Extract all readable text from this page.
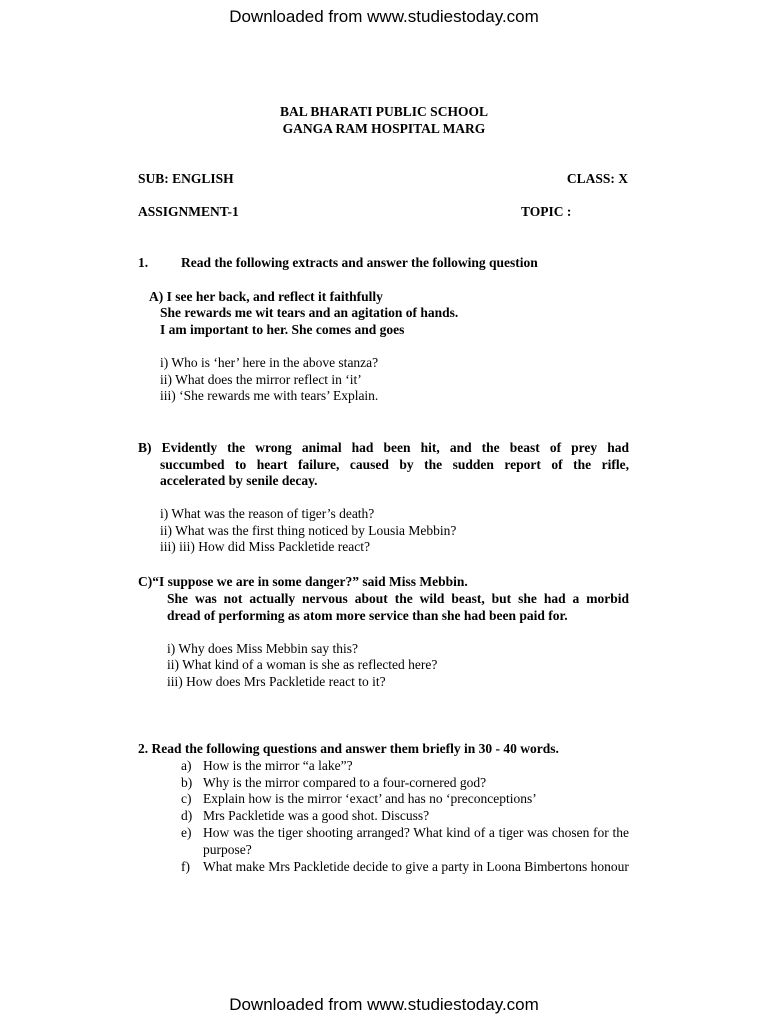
Downloaded from www.studiestoday.com
BAL BHARATI PUBLIC SCHOOL
GANGA RAM HOSPITAL MARG
SUB: ENGLISH	CLASS: X
ASSIGNMENT-1	TOPIC :
1. Read the following extracts and answer the following question
A) I see her back, and reflect it faithfully
She rewards me wit tears and an agitation of hands.
I am important to her. She comes and goes
i) Who is ‘her’ here in the above stanza?
ii) What does the mirror reflect in ‘it’
iii) ‘She rewards me with tears’ Explain.
B) Evidently the wrong animal had been hit, and the beast of prey had
succumbed to heart failure, caused by the sudden report of the rifle,
accelerated by senile decay.
i) What was the reason of tiger’s death?
ii) What was the first thing noticed by Lousia Mebbin?
iii) iii) How did Miss Packletide react?
C)“I suppose we are in some danger?” said Miss Mebbin.
She was not actually nervous about the wild beast, but she had a morbid
dread of performing as atom more service than she had been paid for.
i) Why does Miss Mebbin say this?
ii) What kind of a woman is she as reflected here?
iii) How does Mrs Packletide react to it?
2. Read the following questions and answer them briefly in 30 - 40 words.
a) How is the mirror “a lake”?
b) Why is the mirror compared to a four-cornered god?
c) Explain how is the mirror ‘exact’ and has no ‘preconceptions’
d) Mrs Packletide was a good shot. Discuss?
e) How was the tiger shooting arranged? What kind of a tiger was chosen for the purpose?
f) What make Mrs Packletide decide to give a party in Loona Bimbertons honour
Downloaded from www.studiestoday.com
